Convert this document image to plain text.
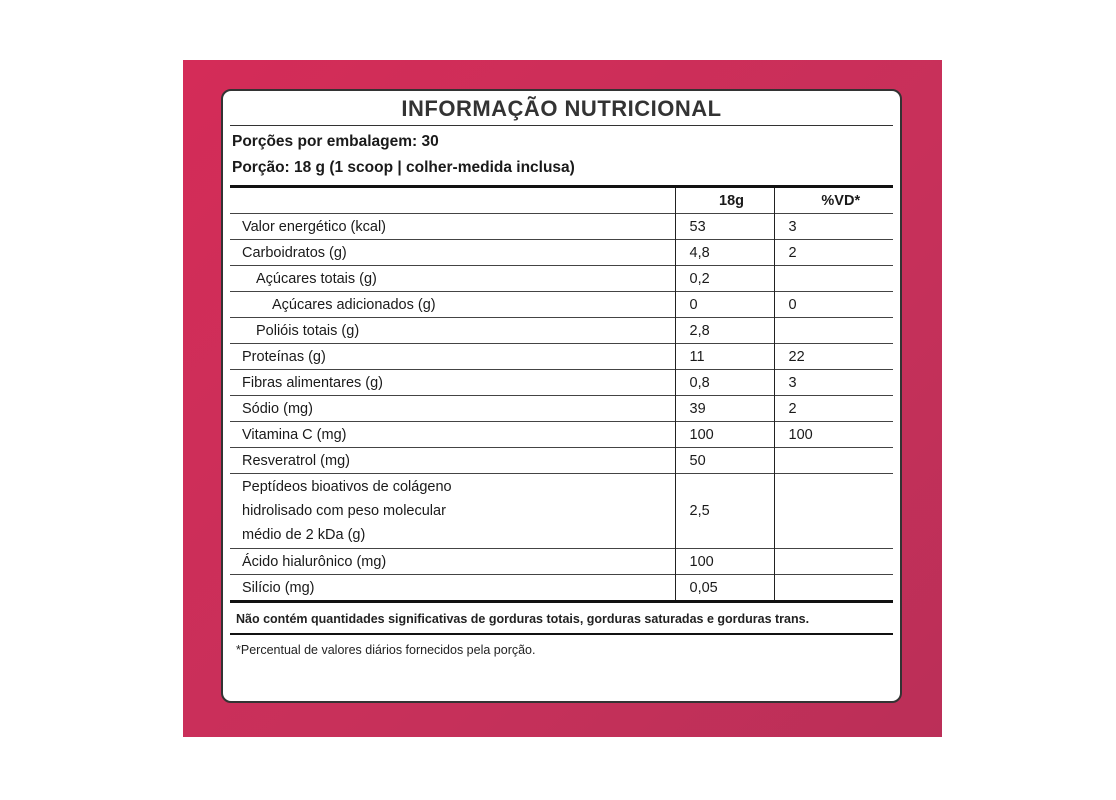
INFORMAÇÃO NUTRICIONAL
Porções por embalagem: 30
Porção: 18 g (1 scoop | colher-medida inclusa)
	18g	%VD*
Valor energético (kcal)	53	3
Carboidratos (g)	4,8	2
Açúcares totais (g)	0,2	
Açúcares adicionados (g)	0	0
Polióis totais (g)	2,8	
Proteínas (g)	11	22
Fibras alimentares (g)	0,8	3
Sódio (mg)	39	2
Vitamina C (mg)	100	100
Resveratrol (mg)	50	

Peptídeos bioativos de colágeno
hidrolisado com peso molecular
médio de 2 kDa (g)	2,5	
Ácido hialurônico (mg)	100	
Silício (mg)	0,05	
Não contém quantidades significativas de gorduras totais, gorduras saturadas e gorduras trans.
*Percentual de valores diários fornecidos pela porção.
